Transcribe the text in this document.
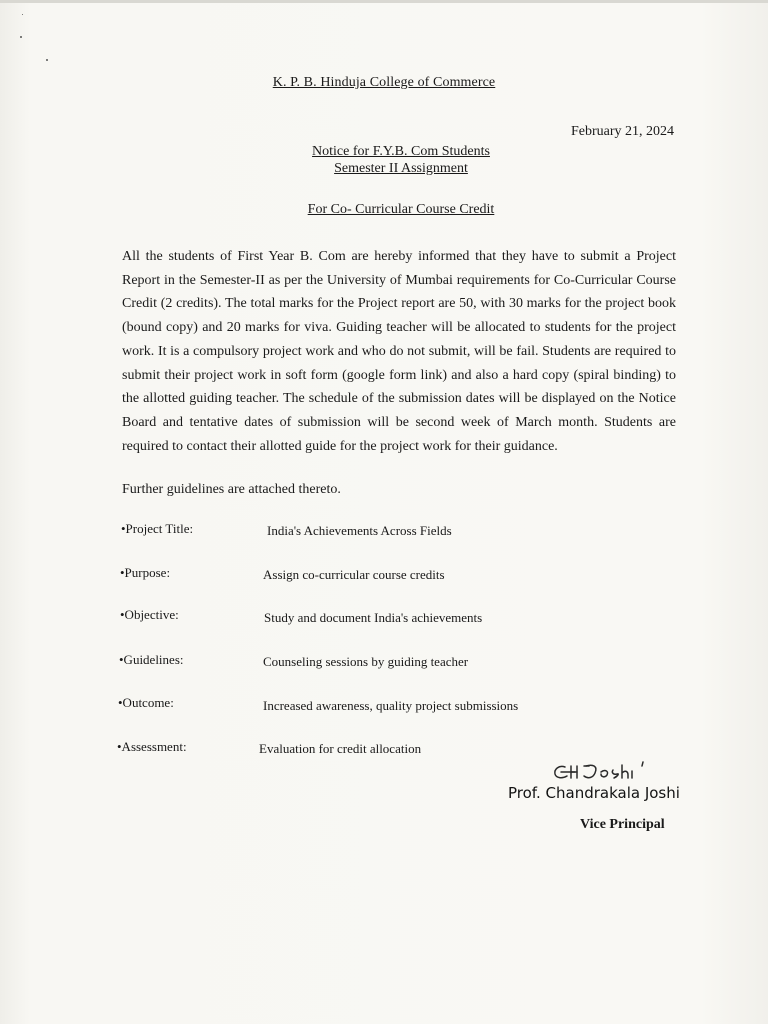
K. P. B. Hinduja College of Commerce
February 21, 2024
Notice for F.Y.B. Com Students
Semester II Assignment
For Co- Curricular Course Credit
All the students of First Year B. Com are hereby informed that they have to submit a Project Report in the Semester-II as per the University of Mumbai requirements for Co-Curricular Course Credit (2 credits). The total marks for the Project report are 50, with 30 marks for the project book (bound copy) and 20 marks for viva. Guiding teacher will be allocated to students for the project work. It is a compulsory project work and who do not submit, will be fail. Students are required to submit their project work in soft form (google form link) and also a hard copy (spiral binding) to the allotted guiding teacher. The schedule of the submission dates will be displayed on the Notice Board and tentative dates of submission will be second week of March month. Students are required to contact their allotted guide for the project work for their guidance.
Further guidelines are attached thereto.
•Project Title:	India's Achievements Across Fields
•Purpose:	Assign co-curricular course credits
•Objective:	Study and document India's achievements
•Guidelines:	Counseling sessions by guiding teacher
•Outcome:	Increased awareness, quality project submissions
•Assessment:	Evaluation for credit allocation
Prof. Chandrakala Joshi
Vice Principal
